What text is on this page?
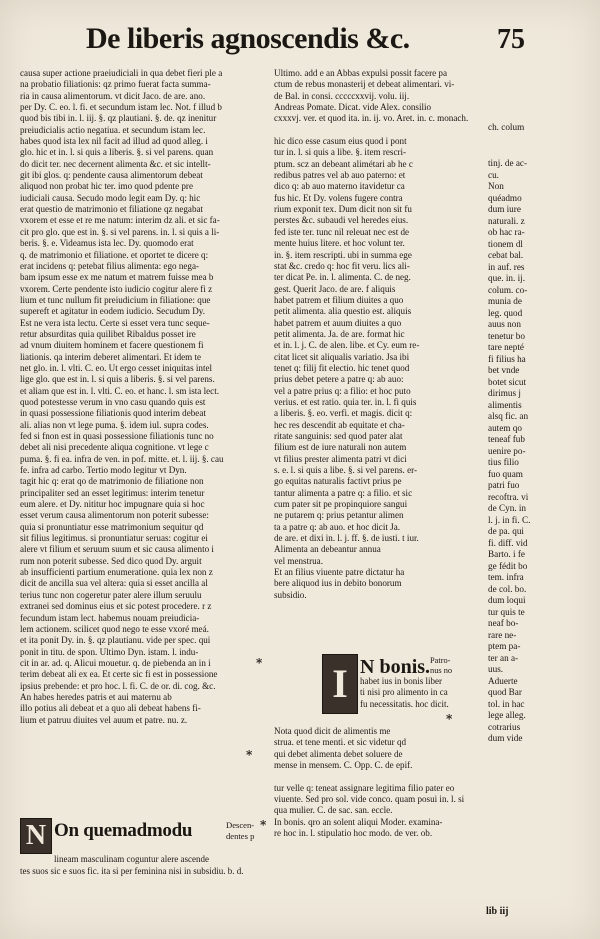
De liberis agnoscendis &c.	75
causa super actione praeiudiciali in qua debet fieri ple a
na probatio filiationis: qz primo fuerat facta summa-
ria in causa alimentorum. vt dicit Jaco. de are. ano.
per Dy. C. eo. l. fi. et secundum istam lec. Not. f illud b
quod bis tibi in. l. iij. §. qz plautiani. §. de. qz inenitur
preiudicialis actio negatiua. et secundum istam lec.
habes quod ista lex nil facit ad illud ad quod alleg. i
glo. hic et in. l. si quis a liberis. §. si vel parens. quan
do dicit ter. nec decernent alimenta &c. et sic intellt-
git ibi glos. q: pendente causa alimentorum debeat
aliquod non probat hic ter. imo quod pdente pre
iudiciali causa. Secudo modo legit eam Dy. q: hic
erat questio de matrimonio et filiatione qz negabat
vxorem et esse et re me natum: interim dz ali. et sic fa-
cit pro glo. que est in. §. si vel parens. in. l. si quis a li-
beris. §. e. Videamus ista lec. Dy. quomodo erat
q. de matrimonio et filiatione. et oportet te dicere q:
erat incidens q: petebat filius alimenta: ego nega-
bam ipsum esse ex me natum et matrem fuisse mea b
vxorem. Certe pendente isto iudicio cogitur alere fi z
lium et tunc nullum fit preiudicium in filiatione: que
supereft et agitatur in eodem iudicio. Secudum Dy.
Est ne vera ista lectu. Certe si esset vera tunc seque-
retur absurditas quia quilibet Ribaldus posset ire
ad vnum diuitem hominem et facere questionem fi
liationis. qa interim deberet alimentari. Et idem te
net glo. in. l. vlti. C. eo. Ut ergo cesset iniquitas intel
lige glo. que est in. l. si quis a liberis. §. si vel parens.
et aliam que est in. l. vlti. C. eo. et hanc. l. sm ista lect.
quod potestesse verum in vno casu quando quis est
in quasi possessione filiationis quod interim debeat
ali. alias non vt lege puma. §. idem iul. supra codes.
fed si fnon est in quasi possessione filiationis tunc no
debet ali nisi precedente aliqua cognitione. vt lege c
puma. §. fi ea. infra de ven. in pof. mitte. et. l. iij. §. cau
fe. infra ad carbo. Tertio modo legitur vt Dyn.
tagit hic q: erat qo de matrimonio de filiatione non
principaliter sed an esset legitimus: interim tenetur
eum alere. et Dy. nititur hoc impugnare quia si hoc
esset verum causa alimentorum non poterit subesse:
quia si pronuntiatur esse matrimonium sequitur qd
sit filius legitimus. si pronuntiatur seruas: cogitur ei
alere vt filium et seruum suum et sic causa alimento i
rum non poterit subesse. Sed dico quod Dy. arguit
ab insufficienti partium enumeratione. quia lex non z
dicit de ancilla sua vel altera: quia si esset ancilla al
terius tunc non cogeretur pater alere illum seruulu
extranei sed dominus eius et sic potest procedere. r z
fecundum istam lect. habemus nouam preiudicia-
lem actionem. scilicet quod nego te esse vxoré meá.
et ita ponit Dy. in. §. qz plautianu. vide per spec. qui
ponit in titu. de spon. Ultimo Dyn. istam. l. indu-
cit in ar. ad. q. Alicui mouetur. q. de piebenda an in i
terim debeat ali ex ea. Et certe sic fi est in possessione
ipsius prebende: et pro hoc. l. fi. C. de or. di. cog. &c.
An habes heredes patris et aui maternu ab
illo potius ali debeat et a quo ali debeat habens fi-
lium et patruu diuites vel auum et patre. nu. z.
N On quemadmodu	Descen-
dentes p
lineam masculinam coguntur alere ascende
tes suos sic e suos fic. ita si per feminina nisi in subsidiu. b. d.
Ultimo. add e an Abbas expulsi possit facere pa
ctum de rebus monasterij et debeat alimentari. vi-
de Bal. in consi. cccccxxvij. volu. iij.
Andreas Pomate. Dicat. vide Alex. consilio
cxxxvj. ver. et quod ita. in. ij. vo. Aret. in. c. monach.
hic dico esse casum eius quod i pont
tur in. l. si quis a libe. §. item rescri-
ptum. scz an debeant alimétari ab he c
redibus patres vel ab auo paterno: et
dico q: ab auo materno itavidetur ca
fus hic. Et Dy. volens fugere contra
rium exponit tex. Dum dicit non sit fu
perstes &c. subaudi vel heredes eius.
fed iste ter. tunc nil releuat nec est de
mente huius litere. et hoc volunt ter.
in. §. item rescripti. ubi in summa ege
stat &c. credo q: hoc fit veru. lics ali-
ter dicat Pe. in. l. alimenta. C. de neg.
gest. Querit Jaco. de are. f aliquis
habet patrem et filium diuites a quo
petit alimenta. alia questio est. aliquis
habet patrem et auum diuites a quo
petit alimenta. Ja. de are. format hic
et in. l. j. C. de alen. libe. et Cy. eum re-
citat licet sit aliqualis variatio. Jsa ibi
tenet q: filij fit electio. hic tenet quod
prius debet petere a patre q: ab auo:
vel a patre prius q: a filio: et hoc puto
verius. et est ratio. quia ter. in. l. fi quis
a liberis. §. eo. verfi. et magis. dicit q:
hec res descendit ab equitate et cha-
ritate sanguinis: sed quod pater alat
filium est de iure naturali non autem
vt filius prester alimenta patri vt dici
s. e. l. si quis a libe. §. si vel parens. er-
go equitas naturalis factivt prius pe
tantur alimenta a patre q: a filio. et sic
cum pater sit pe propinquiore sangui
ne putarem q: prius petantur alimen
ta a patre q: ab auo. et hoc dicit Ja.
de are. et dixi in. l. j. ff. §. de iusti. t iur.
Alimenta an debeantur annua
vel menstrua.
Et an filius viuente patre dictatur ha
bere aliquod ius in debito bonorum
subsidio.
I N bonis. Patro-
nus no
habet ius in bonis liber
ti nisi pro alimento in ca
fu necessitatis. hoc dicit.
Nota quod dicit de alimentis me
strua. et tene menti. et sic videtur qd
qui debet alimenta debet soluere de
mense in mensem. C. Opp. C. de epif.
tur velle q: teneat assignare legitima filio pater eo
viuente. Sed pro sol. vide conco. quam posui in. l. si
qua mulier. C. de sac. san. eccle.
In bonis. qro an solent aliqui Moder. examina-
re hoc in. l. stipulatio hoc modo. de ver. ob.
ch. colum
tinj. de ac-
cu.
Non
quéadmo
dum iure
naturali. z
ob hac ra-
tionem dl
cebat bal.
in auf. res
que. in. ij.
colum. co-
munia de
leg. quod
auus non
tenetur bo
tare nepté
fi filius ha
bet vnde
botet sicut
dirimus j
alimentis
alsq fic. an
autem qo
teneaf fub
uenire po-
tius filio
fuo quam
patri fuo
recoftra. vi
de Cyn. in
l. j. in fi. C.
de pa. qui
fi. diff. vid
Barto. i fe
ge fédit bo
tem. infra
de col. bo.
dum loqui
tur quis te
neaf bo-
rare ne-
ptem pa-
ter an a-
uus.
Aduerte
quod Bar
tol. in hac
lege alleg.
cotrarius
dum vide
*
*
*
*
lib iij
